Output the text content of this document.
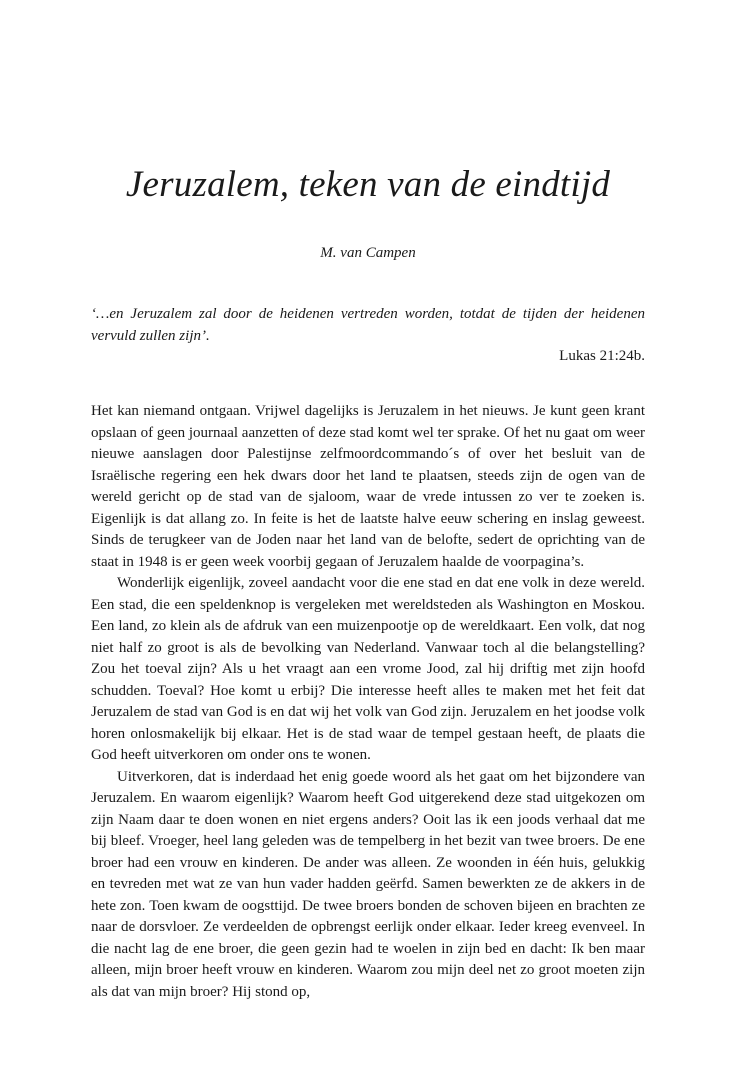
Jeruzalem, teken van de eindtijd
M. van Campen

‘…en Jeruzalem zal door de heidenen vertreden worden, totdat de tijden der heidenen vervuld zullen zijn’.

Lukas 21:24b.

Het kan niemand ontgaan. Vrijwel dagelijks is Jeruzalem in het nieuws. Je kunt geen krant opslaan of geen journaal aanzetten of deze stad komt wel ter sprake. Of het nu gaat om weer nieuwe aanslagen door Palestijnse zelfmoordcommando´s of over het besluit van de Israëlische regering een hek dwars door het land te plaatsen, steeds zijn de ogen van de wereld gericht op de stad van de sjaloom, waar de vrede intussen zo ver te zoeken is. Eigenlijk is dat allang zo. In feite is het de laatste halve eeuw schering en inslag geweest. Sinds de terugkeer van de Joden naar het land van de belofte, sedert de oprichting van de staat in 1948 is er geen week voorbij gegaan of Jeruzalem haalde de voorpagina’s.

Wonderlijk eigenlijk, zoveel aandacht voor die ene stad en dat ene volk in deze wereld. Een stad, die een speldenknop is vergeleken met wereldsteden als Washington en Moskou. Een land, zo klein als de afdruk van een muizenpootje op de wereldkaart. Een volk, dat nog niet half zo groot is als de bevolking van Nederland. Vanwaar toch al die belangstelling? Zou het toeval zijn? Als u het vraagt aan een vrome Jood, zal hij driftig met zijn hoofd schudden. Toeval? Hoe komt u erbij? Die interesse heeft alles te maken met het feit dat Jeruzalem de stad van God is en dat wij het volk van God zijn. Jeruzalem en het joodse volk horen onlosmakelijk bij elkaar. Het is de stad waar de tempel gestaan heeft, de plaats die God heeft uitverkoren om onder ons te wonen.

Uitverkoren, dat is inderdaad het enig goede woord als het gaat om het bijzondere van Jeruzalem. En waarom eigenlijk? Waarom heeft God uitgerekend deze stad uitgekozen om zijn Naam daar te doen wonen en niet ergens anders? Ooit las ik een joods verhaal dat me bij bleef. Vroeger, heel lang geleden was de tempelberg in het bezit van twee broers. De ene broer had een vrouw en kinderen. De ander was alleen. Ze woonden in één huis, gelukkig en tevreden met wat ze van hun vader hadden geërfd. Samen bewerkten ze de akkers in de hete zon. Toen kwam de oogsttijd. De twee broers bonden de schoven bijeen en brachten ze naar de dorsvloer. Ze verdeelden de opbrengst eerlijk onder elkaar. Ieder kreeg evenveel. In die nacht lag de ene broer, die geen gezin had te woelen in zijn bed en dacht: Ik ben maar alleen, mijn broer heeft vrouw en kinderen. Waarom zou mijn deel net zo groot moeten zijn als dat van mijn broer? Hij stond op,
